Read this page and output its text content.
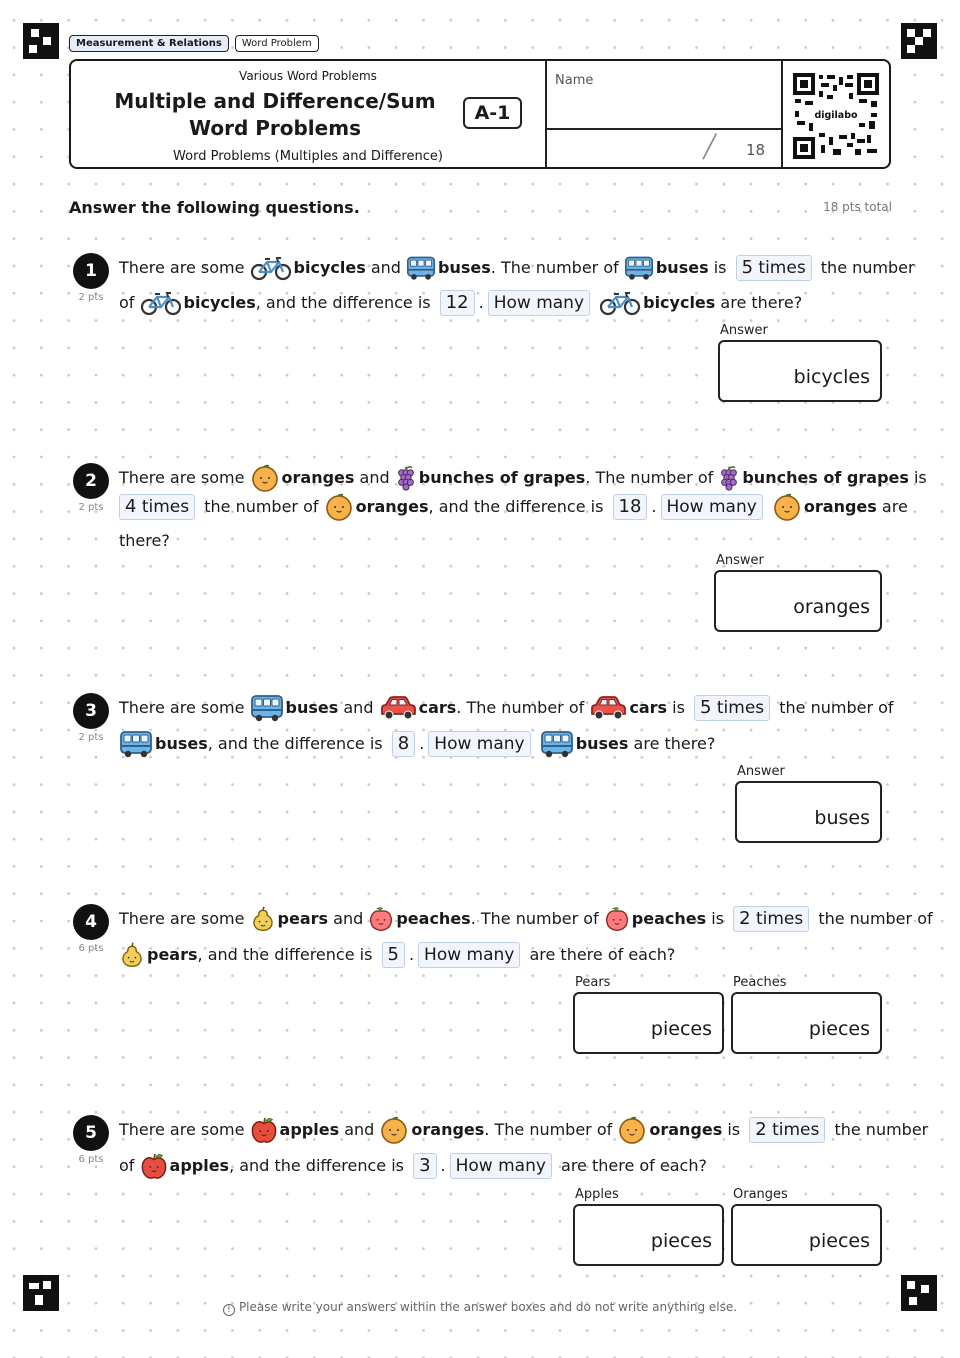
Measurement & Relations	Word Problem
Various Word Problems
Multiple and Difference/Sum Word Problems
Word Problems (Multiples and Difference)
A-1
Name
╱ 18
digilabo
Answer the following questions.	18 pts total
1
2 pts
There are some
	bicycles
and
buses . The number of
buses
is
5 times
the number
of
	bicycles , and the difference is
12 . How many
	bicycles
are there?
Answer
bicycles
2
2 pts
There are some
oranges
and
bunches of grapes . The number of
bunches of grapes
is
4 times
the number of
oranges , and the difference is
18 . How many
	oranges
are
there?
Answer
oranges
3
2 pts
There are some
	buses
and
	cars . The number of
	cars
is
5 times
the number of
buses , and the difference is
8 . How many
	buses
are there?
Answer
buses
4
6 pts
There are some
pears
and
peaches . The number of
peaches
is
2 times
the number of
pears , and the difference is
5 . How many
are there of each?
Pears
pieces
Peaches
pieces
5
6 pts
There are some
apples
and
oranges . The number of
oranges
is
2 times
the number
of
apples , and the difference is
3 . How many
are there of each?
Apples
pieces
Oranges
pieces
! Please write your answers within the answer boxes and do not write anything else.
